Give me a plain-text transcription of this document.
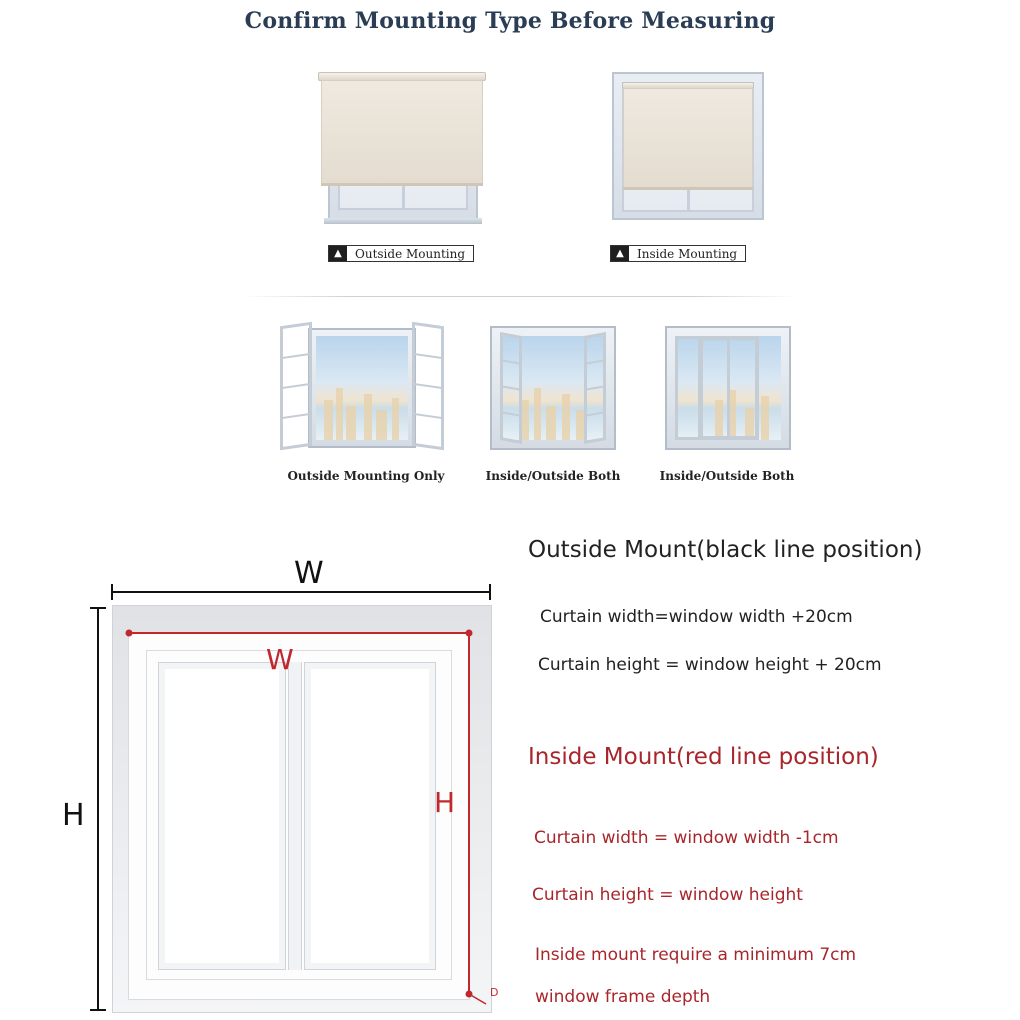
Confirm Mounting Type Before Measuring
▲	Outside Mounting	▲	Inside Mounting
Outside Mounting Only	Inside/Outside Both	Inside/Outside Both
W
H
W
H
D
Outside Mount(black line position)
Curtain width=window width +20cm
Curtain height = window height + 20cm
Inside Mount(red line position)
Curtain width = window width -1cm
Curtain height = window height
Inside mount require a minimum 7cm
window frame depth
